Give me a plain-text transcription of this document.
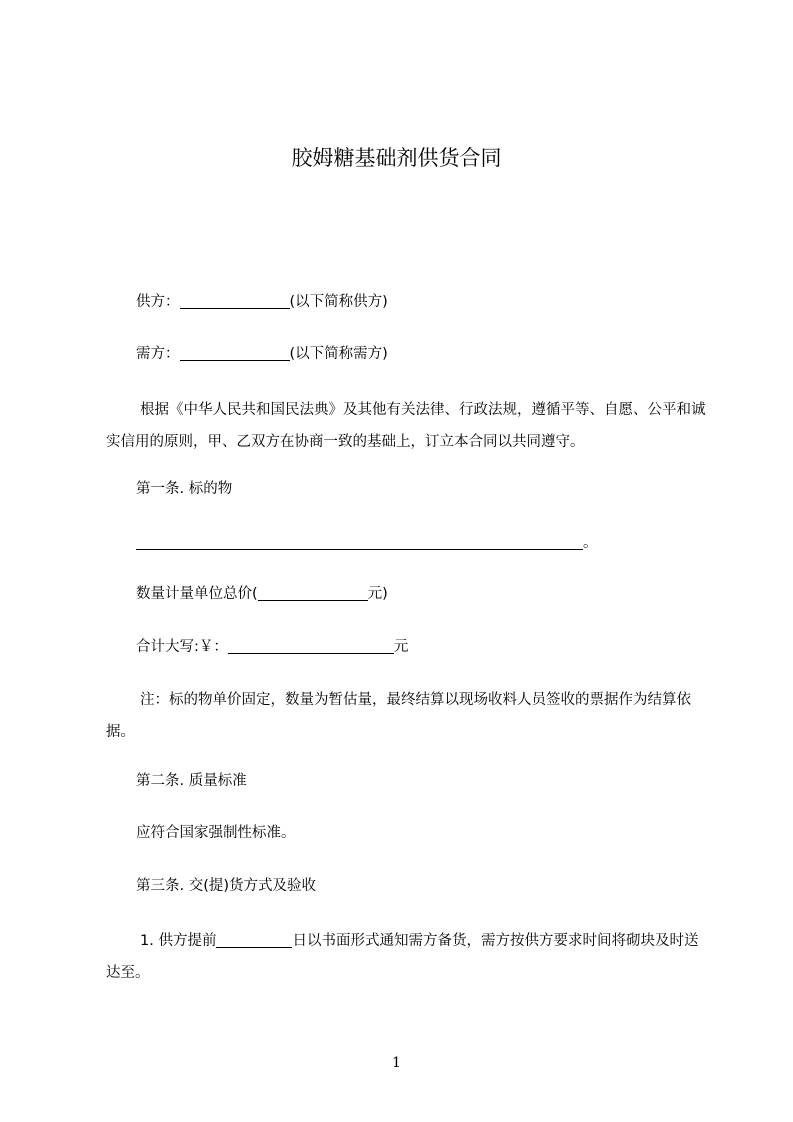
胶姆糖基础剂供货合同
供方：	(以下简称供方)
需方：	(以下简称需方)
根据《中华人民共和国民法典》及其他有关法律、行政法规，遵循平等、自愿、公平和诚实信用的原则，甲、乙双方在协商一致的基础上，订立本合同以共同遵守。
第一条. 标的物
。
数量计量单位总价(	元)
合计大写:￥：	元
注：标的物单价固定，数量为暂估量，最终结算以现场收料人员签收的票据作为结算依据。
第二条. 质量标准
应符合国家强制性标准。
第三条. 交(提)货方式及验收
1. 供方提前	日以书面形式通知需方备货，需方按供方要求时间将砌块及时送达至。
1
